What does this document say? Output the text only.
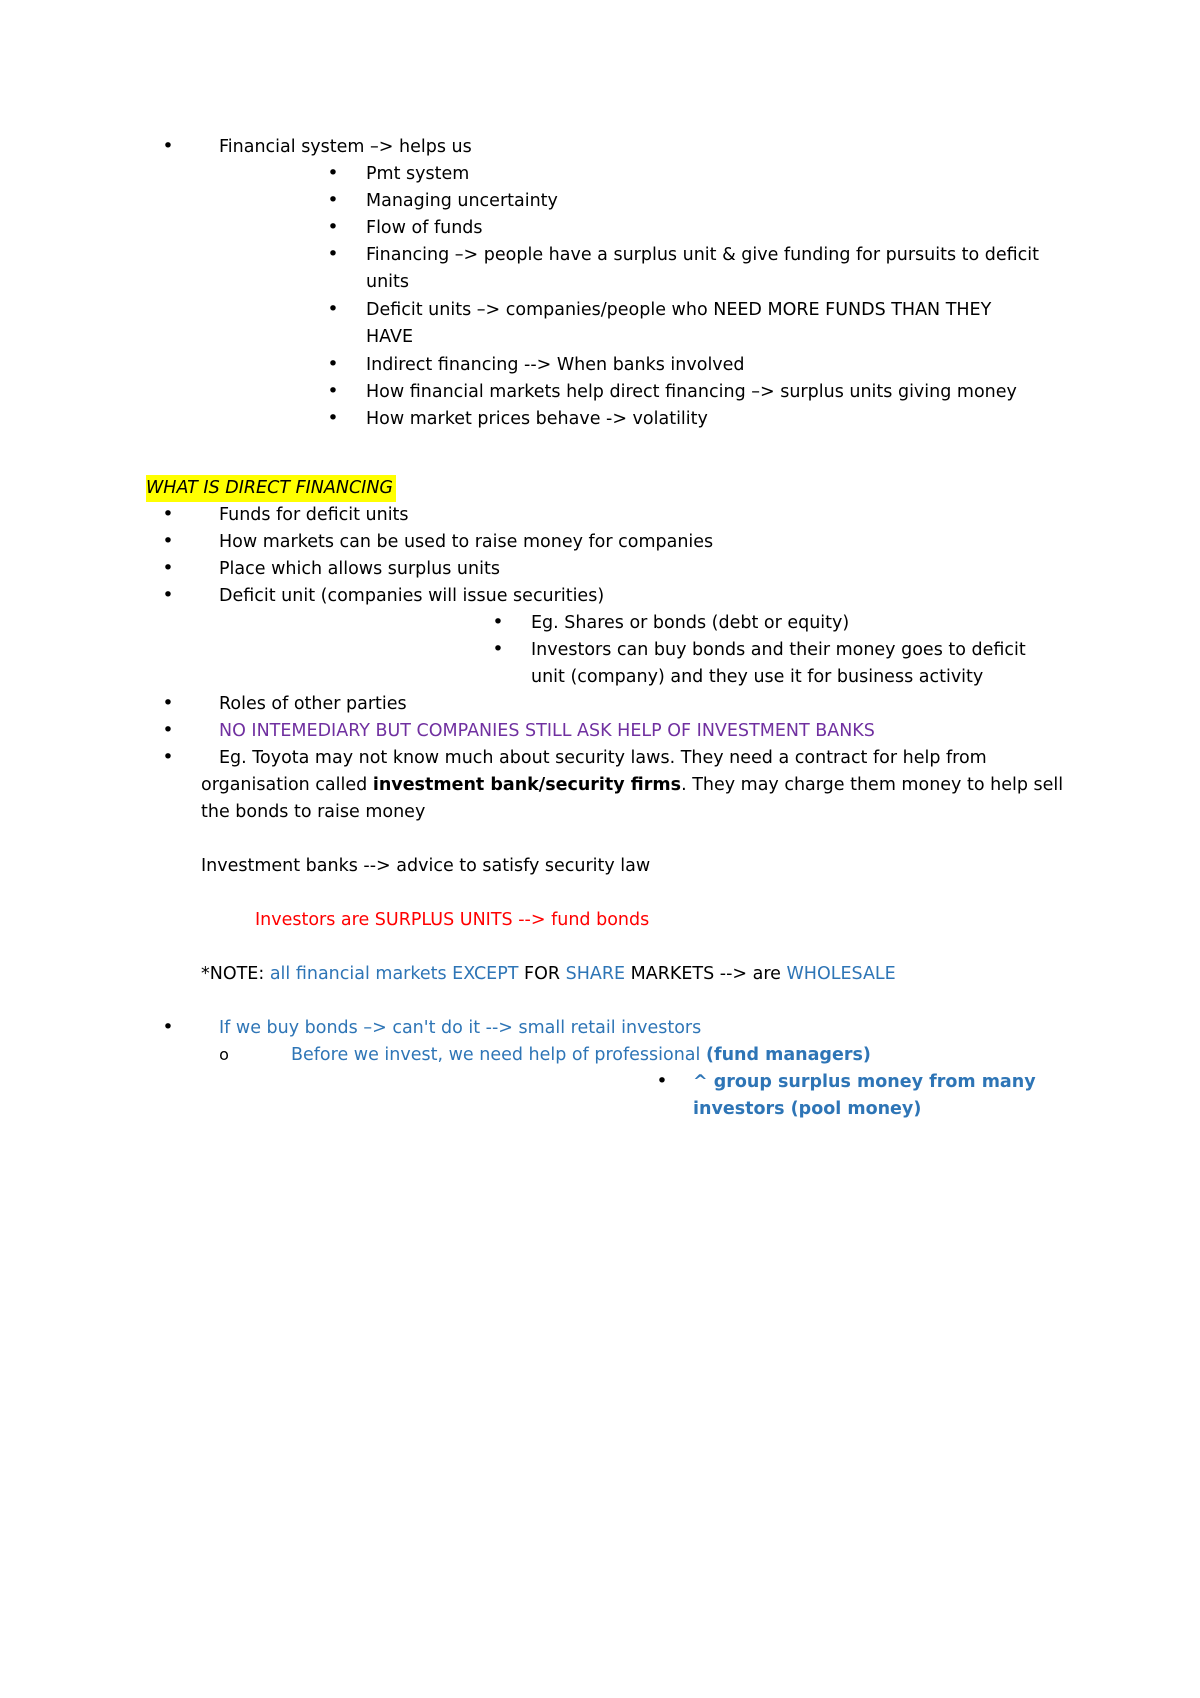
•	Financial system –> helps us
• Pmt system
• Managing uncertainty
• Flow of funds
• Financing –> people have a surplus unit & give funding for pursuits to deficit
units
• Deficit units –> companies/people who NEED MORE FUNDS THAN THEY
HAVE
• Indirect financing --> When banks involved
• How financial markets help direct financing –> surplus units giving money
• How market prices behave -> volatility
WHAT IS DIRECT FINANCING
•	Funds for deficit units
•	How markets can be used to raise money for companies
•	Place which allows surplus units
•	Deficit unit (companies will issue securities)
• Eg. Shares or bonds (debt or equity)
• Investors can buy bonds and their money goes to deficit
unit (company) and they use it for business activity
•	Roles of other parties
•	NO INTEMEDIARY BUT COMPANIES STILL ASK HELP OF INVESTMENT BANKS
•	Eg. Toyota may not know much about security laws. They need a contract for help from
organisation called investment bank/security firms. They may charge them money to help sell
the bonds to raise money
Investment banks --> advice to satisfy security law
Investors are SURPLUS UNITS --> fund bonds
*NOTE: all financial markets EXCEPT FOR SHARE MARKETS --> are WHOLESALE
•	If we buy bonds –> can't do it --> small retail investors
o	Before we invest, we need help of professional (fund managers)
• ^ group surplus money from many
investors (pool money)
